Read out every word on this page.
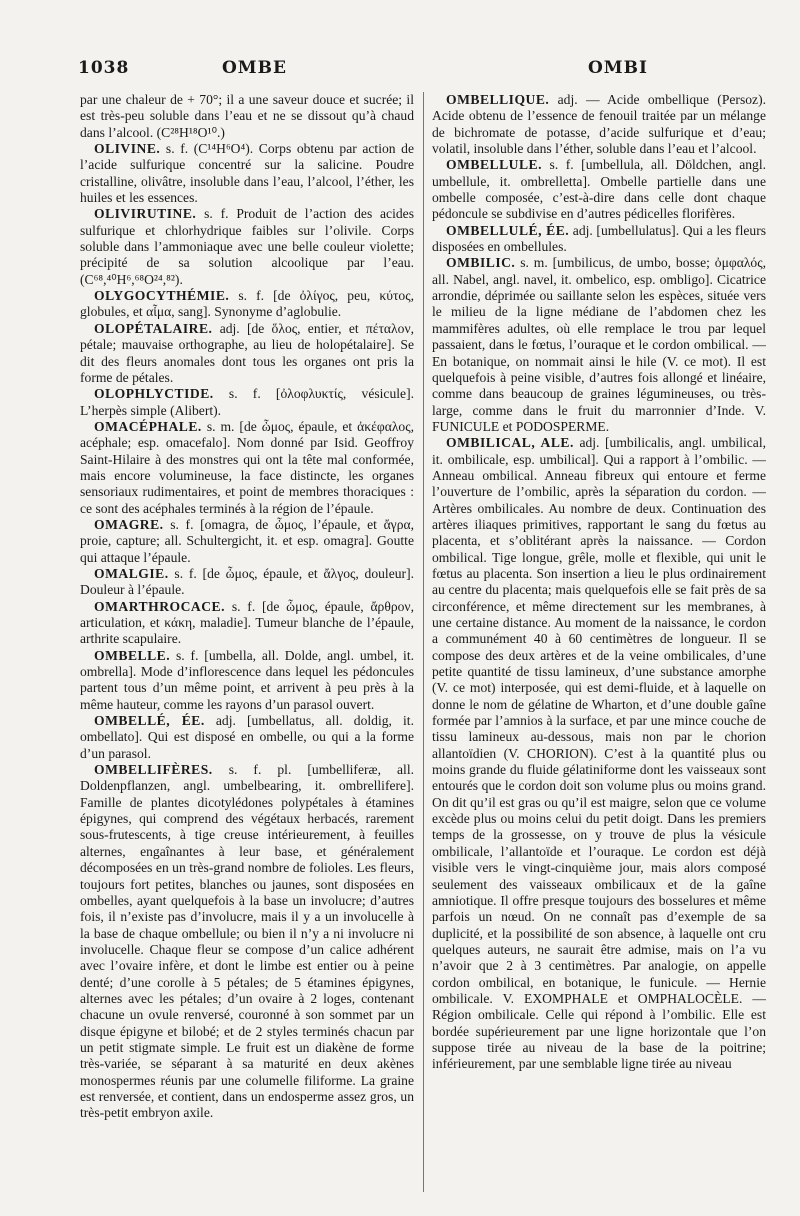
1038	OMBE	OMBI

par une chaleur de + 70°; il a une saveur douce et sucrée; il est très-peu soluble dans l’eau et ne se dissout qu’à chaud dans l’alcool. (C²⁸H¹⁸O¹⁰.)

OLIVINE. s. f. (C¹⁴H⁶O⁴). Corps obtenu par action de l’acide sulfurique concentré sur la salicine. Poudre cristalline, olivâtre, insoluble dans l’eau, l’alcool, l’éther, les huiles et les essences.

OLIVIRUTINE. s. f. Produit de l’action des acides sulfurique et chlorhydrique faibles sur l’olivile. Corps soluble dans l’ammoniaque avec une belle couleur violette; précipité de sa solution alcoolique par l’eau. (C⁶⁸,⁴⁰H⁶,⁶⁸O²⁴,⁸²).

OLYGOCYTHÉMIE. s. f. [de ὀλίγος, peu, κύτος, globules, et αἷμα, sang]. Synonyme d’aglobulie.

OLOPÉTALAIRE. adj. [de ὅλος, entier, et πέταλον, pétale; mauvaise orthographe, au lieu de holopétalaire]. Se dit des fleurs anomales dont tous les organes ont pris la forme de pétales.

OLOPHLYCTIDE. s. f. [ὀλοφλυκτίς, vésicule]. L’herpès simple (Alibert).

OMACÉPHALE. s. m. [de ὦμος, épaule, et ἀκέφαλος, acéphale; esp. omacefalo]. Nom donné par Isid. Geoffroy Saint-Hilaire à des monstres qui ont la tête mal conformée, mais encore volumineuse, la face distincte, les organes sensoriaux rudimentaires, et point de membres thoraciques : ce sont des acéphales terminés à la région de l’épaule.

OMAGRE. s. f. [omagra, de ὦμος, l’épaule, et ἄγρα, proie, capture; all. Schultergicht, it. et esp. omagra]. Goutte qui attaque l’épaule.

OMALGIE. s. f. [de ὦμος, épaule, et ἄλγος, douleur]. Douleur à l’épaule.

OMARTHROCACE. s. f. [de ὦμος, épaule, ἄρθρον, articulation, et κάκη, maladie]. Tumeur blanche de l’épaule, arthrite scapulaire.

OMBELLE. s. f. [umbella, all. Dolde, angl. umbel, it. ombrella]. Mode d’inflorescence dans lequel les pédoncules partent tous d’un même point, et arrivent à peu près à la même hauteur, comme les rayons d’un parasol ouvert.

OMBELLÉ, ÉE. adj. [umbellatus, all. doldig, it. ombellato]. Qui est disposé en ombelle, ou qui a la forme d’un parasol.

OMBELLIFÈRES. s. f. pl. [umbelliferæ, all. Doldenpflanzen, angl. umbelbearing, it. ombrellifere]. Famille de plantes dicotylédones polypétales à étamines épigynes, qui comprend des végétaux herbacés, rarement sous-frutescents, à tige creuse intérieurement, à feuilles alternes, engaînantes à leur base, et généralement décomposées en un très-grand nombre de folioles. Les fleurs, toujours fort petites, blanches ou jaunes, sont disposées en ombelles, ayant quelquefois à la base un involucre; d’autres fois, il n’existe pas d’involucre, mais il y a un involucelle à la base de chaque ombellule; ou bien il n’y a ni involucre ni involucelle. Chaque fleur se compose d’un calice adhérent avec l’ovaire infère, et dont le limbe est entier ou à peine denté; d’une corolle à 5 pétales; de 5 étamines épigynes, alternes avec les pétales; d’un ovaire à 2 loges, contenant chacune un ovule renversé, couronné à son sommet par un disque épigyne et bilobé; et de 2 styles terminés chacun par un petit stigmate simple. Le fruit est un diakène de forme très-variée, se séparant à sa maturité en deux akènes monospermes réunis par une columelle filiforme. La graine est renversée, et contient, dans un endosperme assez gros, un très-petit embryon axile.

OMBELLIQUE. adj. — Acide ombellique (Persoz). Acide obtenu de l’essence de fenouil traitée par un mélange de bichromate de potasse, d’acide sulfurique et d’eau; volatil, insoluble dans l’éther, soluble dans l’eau et l’alcool.

OMBELLULE. s. f. [umbellula, all. Döldchen, angl. umbellule, it. ombrelletta]. Ombelle partielle dans une ombelle composée, c’est-à-dire dans celle dont chaque pédoncule se subdivise en d’autres pédicelles florifères.

OMBELLULÉ, ÉE. adj. [umbellulatus]. Qui a les fleurs disposées en ombellules.

OMBILIC. s. m. [umbilicus, de umbo, bosse; ὀμφαλός, all. Nabel, angl. navel, it. ombelico, esp. ombligo]. Cicatrice arrondie, déprimée ou saillante selon les espèces, située vers le milieu de la ligne médiane de l’abdomen chez les mammifères adultes, où elle remplace le trou par lequel passaient, dans le fœtus, l’ouraque et le cordon ombilical. — En botanique, on nommait ainsi le hile (V. ce mot). Il est quelquefois à peine visible, d’autres fois allongé et linéaire, comme dans beaucoup de graines légumineuses, ou très-large, comme dans le fruit du marronnier d’Inde. V. FUNICULE et PODOSPERME.

OMBILICAL, ALE. adj. [umbilicalis, angl. umbilical, it. ombilicale, esp. umbilical]. Qui a rapport à l’ombilic. — Anneau ombilical. Anneau fibreux qui entoure et ferme l’ouverture de l’ombilic, après la séparation du cordon. — Artères ombilicales. Au nombre de deux. Continuation des artères iliaques primitives, rapportant le sang du fœtus au placenta, et s’oblitérant après la naissance. — Cordon ombilical. Tige longue, grêle, molle et flexible, qui unit le fœtus au placenta. Son insertion a lieu le plus ordinairement au centre du placenta; mais quelquefois elle se fait près de sa circonférence, et même directement sur les membranes, à une certaine distance. Au moment de la naissance, le cordon a communément 40 à 60 centimètres de longueur. Il se compose des deux artères et de la veine ombilicales, d’une petite quantité de tissu lamineux, d’une substance amorphe (V. ce mot) interposée, qui est demi-fluide, et à laquelle on donne le nom de gélatine de Wharton, et d’une double gaîne formée par l’amnios à la surface, et par une mince couche de tissu lamineux au-dessous, mais non par le chorion allantoïdien (V. CHORION). C’est à la quantité plus ou moins grande du fluide gélatiniforme dont les vaisseaux sont entourés que le cordon doit son volume plus ou moins grand. On dit qu’il est gras ou qu’il est maigre, selon que ce volume excède plus ou moins celui du petit doigt. Dans les premiers temps de la grossesse, on y trouve de plus la vésicule ombilicale, l’allantoïde et l’ouraque. Le cordon est déjà visible vers le vingt-cinquième jour, mais alors composé seulement des vaisseaux ombilicaux et de la gaîne amniotique. Il offre presque toujours des bosselures et même parfois un nœud. On ne connaît pas d’exemple de sa duplicité, et la possibilité de son absence, à laquelle ont cru quelques auteurs, ne saurait être admise, mais on l’a vu n’avoir que 2 à 3 centimètres. Par analogie, on appelle cordon ombilical, en botanique, le funicule. — Hernie ombilicale. V. EXOMPHALE et OMPHALOCÈLE. — Région ombilicale. Celle qui répond à l’ombilic. Elle est bordée supérieurement par une ligne horizontale que l’on suppose tirée au niveau de la base de la poitrine; inférieurement, par une semblable ligne tirée au niveau
